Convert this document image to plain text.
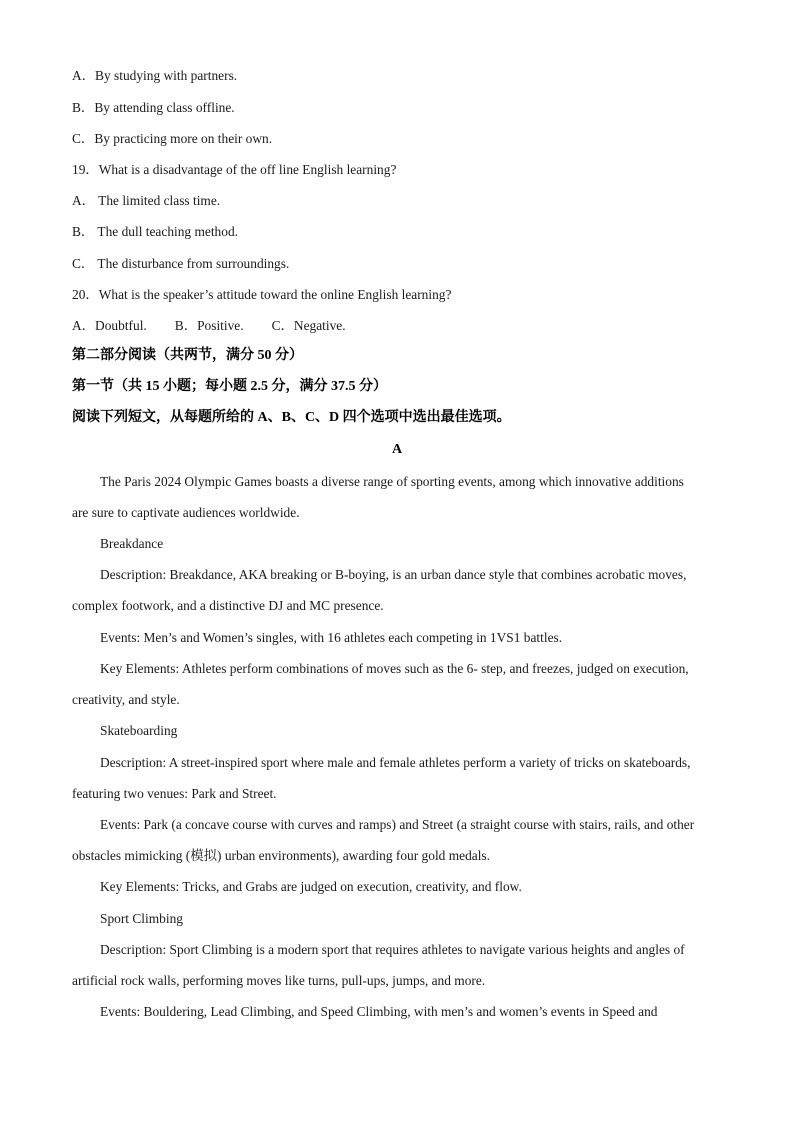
A．By studying with partners.
B．By attending class offline.
C．By practicing more on their own.
19．What is a disadvantage of the off line English learning?
A． The limited class time.
B． The dull teaching method.
C． The disturbance from surroundings.
20．What is the speaker’s attitude toward the online English learning?
A．Doubtful. B．Positive. C．Negative.
第二部分阅读（共两节，满分 50 分）
第一节（共 15 小题；每小题 2.5 分，满分 37.5 分）
阅读下列短文，从每题所给的 A、B、C、D 四个选项中选出最佳选项。
A
The Paris 2024 Olympic Games boasts a diverse range of sporting events, among which innovative additions
are sure to captivate audiences worldwide.
Breakdance
Description: Breakdance, AKA breaking or B-boying, is an urban dance style that combines acrobatic moves,
complex footwork, and a distinctive DJ and MC presence.
Events: Men’s and Women’s singles, with 16 athletes each competing in 1VS1 battles.
Key Elements: Athletes perform combinations of moves such as the 6- step, and freezes, judged on execution,
creativity, and style.
Skateboarding
Description: A street-inspired sport where male and female athletes perform a variety of tricks on skateboards,
featuring two venues: Park and Street.
Events: Park (a concave course with curves and ramps) and Street (a straight course with stairs, rails, and other
obstacles mimicking (模拟) urban environments), awarding four gold medals.
Key Elements: Tricks, and Grabs are judged on execution, creativity, and flow.
Sport Climbing
Description: Sport Climbing is a modern sport that requires athletes to navigate various heights and angles of
artificial rock walls, performing moves like turns, pull-ups, jumps, and more.
Events: Bouldering, Lead Climbing, and Speed Climbing, with men’s and women’s events in Speed and
